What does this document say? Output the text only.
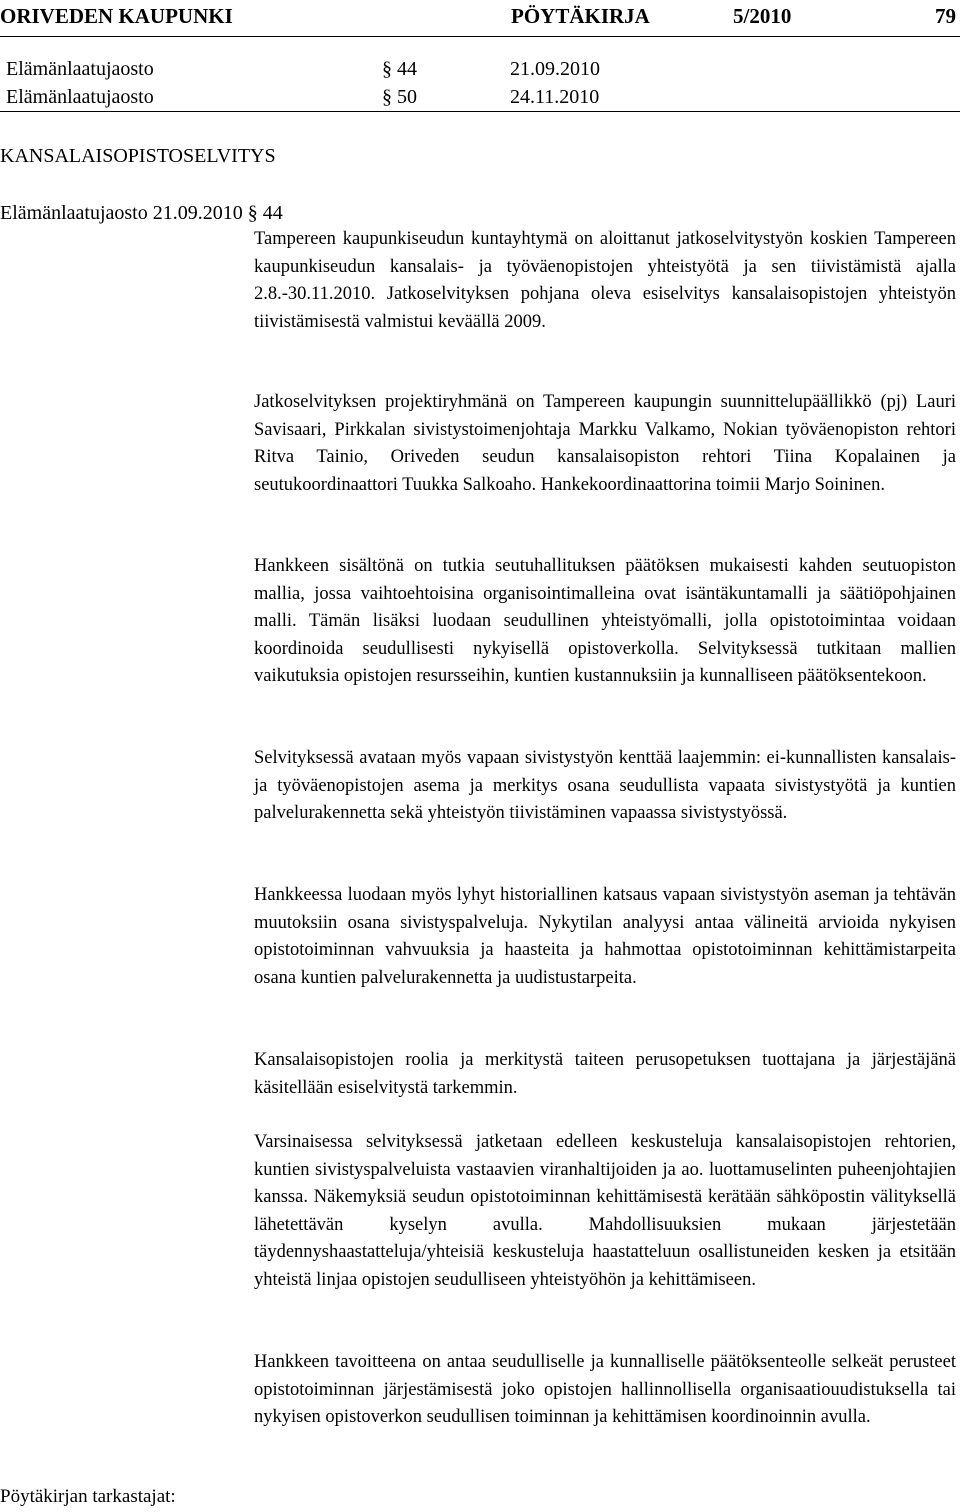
ORIVEDEN KAUPUNKI	PÖYTÄKIRJA	5/2010	79
Elämänlaatujaosto	§ 44	21.09.2010
Elämänlaatujaosto	§ 50	24.11.2010
KANSALAISOPISTOSELVITYS
Elämänlaatujaosto 21.09.2010 § 44

Tampereen kaupunkiseudun kuntayhtymä on aloittanut jatkoselvitystyön koskien Tampereen kaupunkiseudun kansalais- ja työväenopistojen yhteistyötä ja sen tiivistämistä ajalla 2.8.-30.11.2010. Jatkoselvityksen pohjana oleva esiselvitys kansalaisopistojen yhteistyön tiivistämisestä valmistui keväällä 2009.

Jatkoselvityksen projektiryhmänä on Tampereen kaupungin suunnittelupäällikkö (pj) Lauri Savisaari, Pirkkalan sivistystoimenjohtaja Markku Valkamo, Nokian työväenopiston rehtori Ritva Tainio, Oriveden seudun kansalaisopiston rehtori Tiina Kopalainen ja seutukoordinaattori Tuukka Salkoaho. Hankekoordinaattorina toimii Marjo Soininen.

Hankkeen sisältönä on tutkia seutuhallituksen päätöksen mukaisesti kahden seutuopiston mallia, jossa vaihtoehtoisina organisointimalleina ovat isäntäkuntamalli ja säätiöpohjainen malli. Tämän lisäksi luodaan seudullinen yhteistyömalli, jolla opistotoimintaa voidaan koordinoida seudullisesti nykyisellä opistoverkolla. Selvityksessä tutkitaan mallien vaikutuksia opistojen resursseihin, kuntien kustannuksiin ja kunnalliseen päätöksentekoon.

Selvityksessä avataan myös vapaan sivistystyön kenttää laajemmin: ei-kunnallisten kansalais- ja työväenopistojen asema ja merkitys osana seudullista vapaata sivistystyötä ja kuntien palvelurakennetta sekä yhteistyön tiivistäminen vapaassa sivistystyössä.

Hankkeessa luodaan myös lyhyt historiallinen katsaus vapaan sivistystyön aseman ja tehtävän muutoksiin osana sivistyspalveluja. Nykytilan analyysi antaa välineitä arvioida nykyisen opistotoiminnan vahvuuksia ja haasteita ja hahmottaa opistotoiminnan kehittämistarpeita osana kuntien palvelurakennetta ja uudistustarpeita.

Kansalaisopistojen roolia ja merkitystä taiteen perusopetuksen tuottajana ja järjestäjänä käsitellään esiselvitystä tarkemmin.

Varsinaisessa selvityksessä jatketaan edelleen keskusteluja kansalaisopistojen rehtorien, kuntien sivistyspalveluista vastaavien viranhaltijoiden ja ao. luottamuselinten puheenjohtajien kanssa. Näkemyksiä seudun opistotoiminnan kehittämisestä kerätään sähköpostin välityksellä lähetettävän kyselyn avulla. Mahdollisuuksien mukaan järjestetään täydennyshaastatteluja/yhteisiä keskusteluja haastatteluun osallistuneiden kesken ja etsitään yhteistä linjaa opistojen seudulliseen yhteistyöhön ja kehittämiseen.

Hankkeen tavoitteena on antaa seudulliselle ja kunnalliselle päätöksenteolle selkeät perusteet opistotoiminnan järjestämisestä joko opistojen hallinnollisella organisaatiouudistuksella tai nykyisen opistoverkon seudullisen toiminnan ja kehittämisen koordinoinnin avulla.

Pöytäkirjan tarkastajat:
